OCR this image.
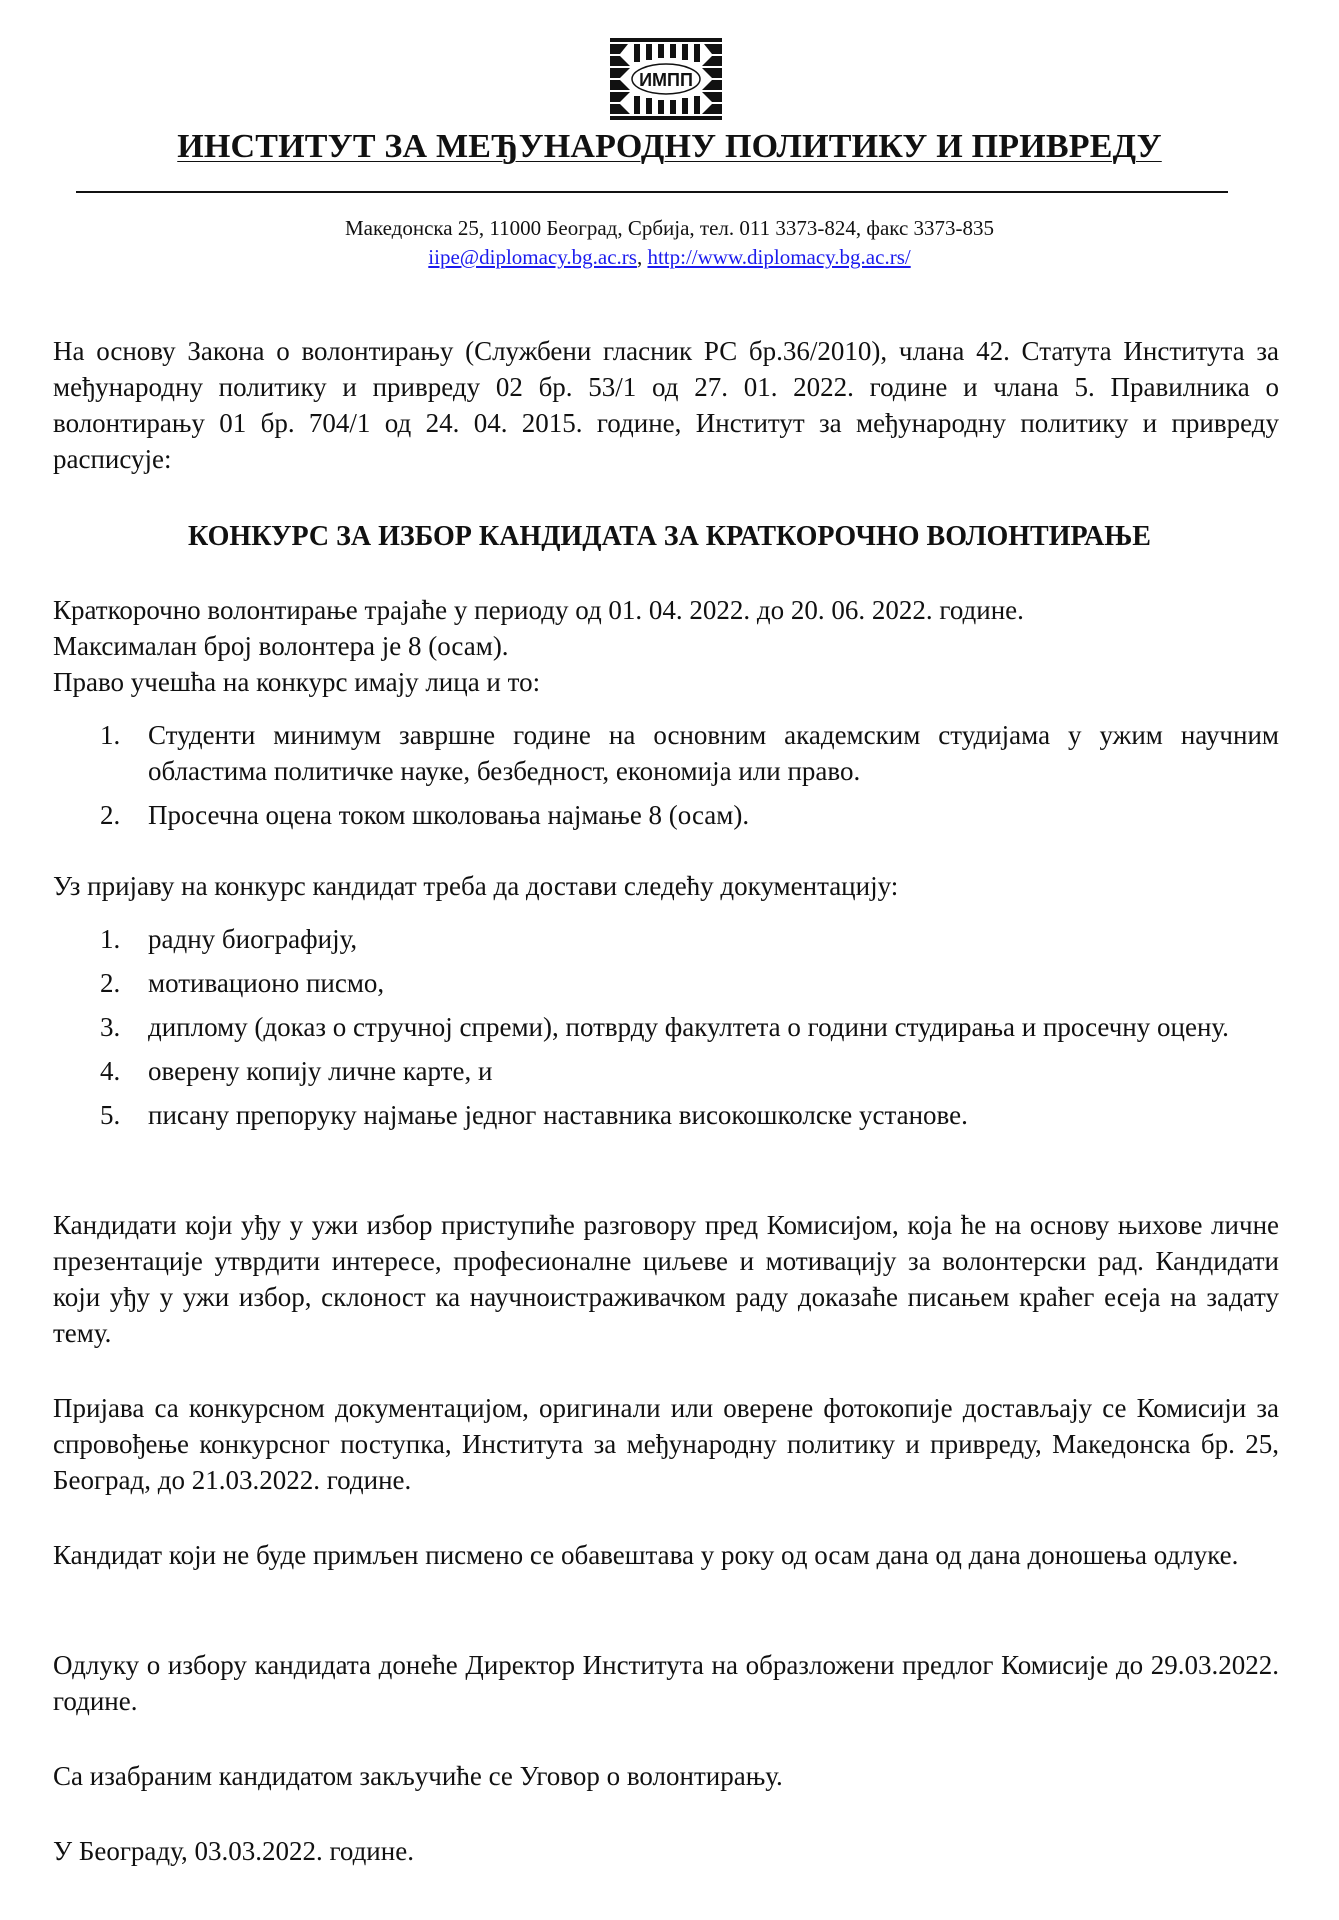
ИМПП
ИНСТИТУТ ЗА МЕЂУНАРОДНУ ПОЛИТИКУ И ПРИВРЕДУ
Македонска 25, 11000 Београд, Србија, тел. 011 3373-824, факс 3373-835
iipe@diplomacy.bg.ac.rs, http://www.diplomacy.bg.ac.rs/
На основу Закона о волонтирању (Службени гласник РС бр.36/2010), члана 42. Статута Института за међународну политику и привреду 02 бр. 53/1 од 27. 01. 2022. године и члана 5. Правилника о волонтирању 01 бр. 704/1 од 24. 04. 2015. године, Институт за међународну политику и привреду расписује:
КОНКУРС ЗА ИЗБОР КАНДИДАТА ЗА КРАТКОРОЧНО ВОЛОНТИРАЊЕ
Краткорочно волонтирање трајаће у периоду од 01. 04. 2022. до 20. 06. 2022. године.
Максималан број волонтера је 8 (осам).
Право учешћа на конкурс имају лица и то:
1. Студенти минимум завршне године на основним академским студијама у ужим научним областима политичке науке, безбедност, економија или право.
2. Просечна оцена током школовања најмање 8 (осам).
Уз пријаву на конкурс кандидат треба да достави следећу документацију:
1. радну биографију,
2. мотивационо писмо,
3. диплому (доказ о стручној спреми), потврду факултета о години студирања и просечну оцену.
4. оверену копију личне карте, и
5. писану препоруку најмање једног наставника високошколске установе.
Кандидати који уђу у ужи избор приступиће разговору пред Комисијом, која ће на основу њихове личне презентације утврдити интересе, професионалне циљеве и мотивацију за волонтерски рад. Кандидати који уђу у ужи избор, склоност ка научноистраживачком раду доказаће писањем краћег есеја на задату тему.
Пријава са конкурсном документацијом, оригинали или оверене фотокопије достављају се Комисији за спровођење конкурсног поступка, Института за међународну политику и привреду, Македонска бр. 25, Београд, до 21.03.2022. године.
Кандидат који не буде примљен писмено се обавештава у року од осам дана од дана доношења одлуке.
Одлуку о избору кандидата донеће Директор Института на образложени предлог Комисије до 29.03.2022. године.
Са изабраним кандидатом закључиће се Уговор о волонтирању.
У Београду, 03.03.2022. године.
